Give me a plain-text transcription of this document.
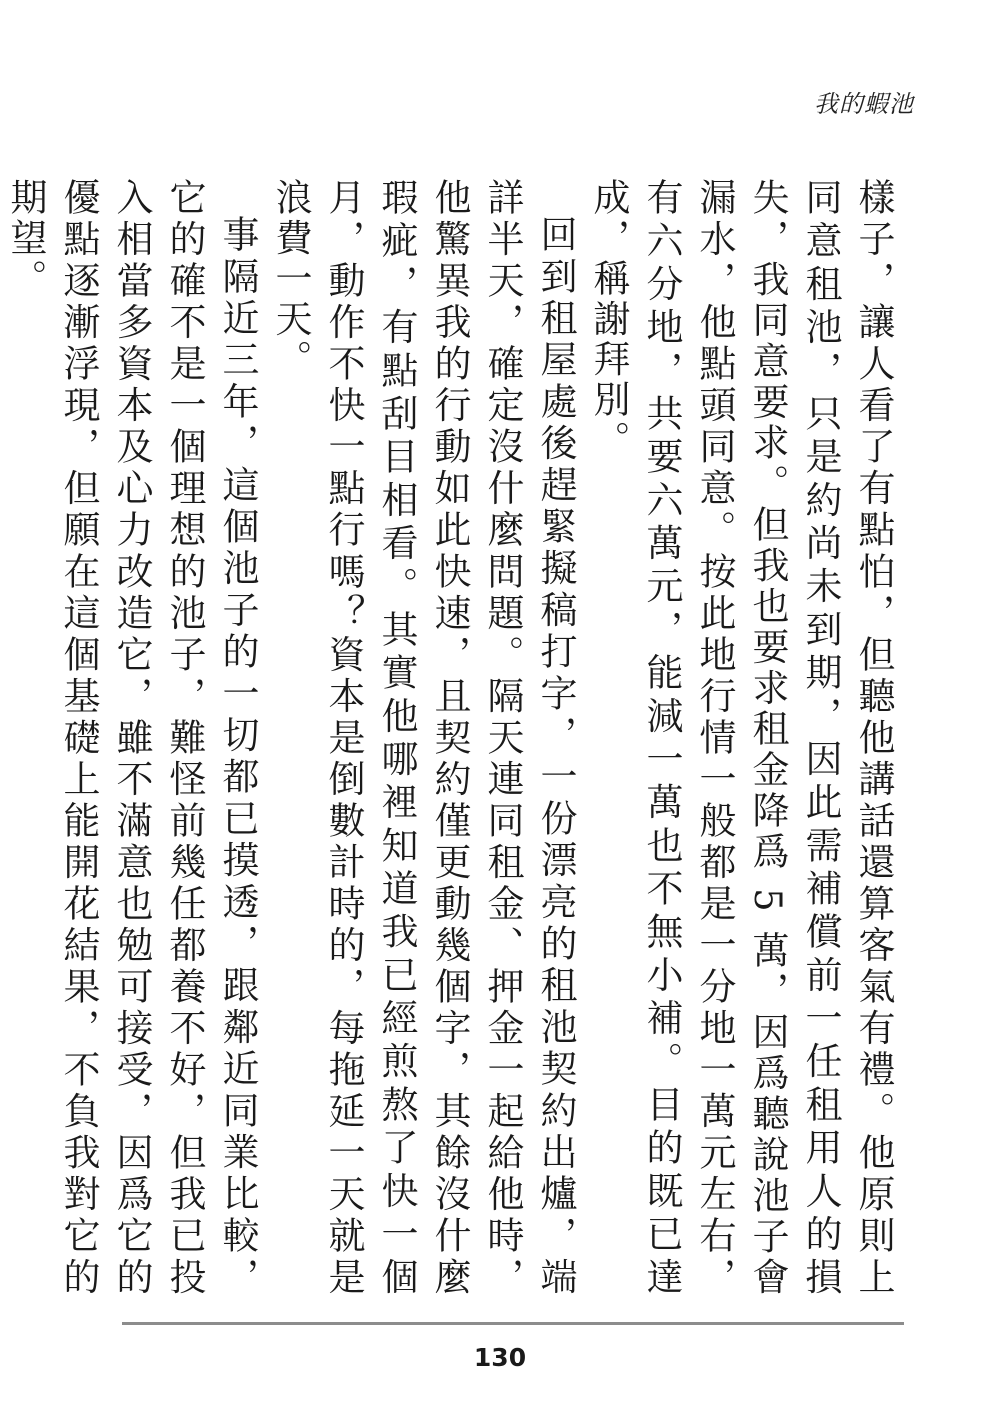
我的蝦池

樣子，讓人看了有點怕，但聽他講話還算客氣有禮。他原則上同意租池，只是約尚未到期，因此需補償前一任租用人的損失，我同意要求。但我也要求租金降爲 5 萬，因爲聽說池子會漏水，他點頭同意。按此地行情一般都是一分地一萬元左右，有六分地，共要六萬元，能減一萬也不無小補。目的既已達成，稱謝拜別。

回到租屋處後趕緊擬稿打字，一份漂亮的租池契約出爐，端詳半天，確定沒什麼問題。隔天連同租金、押金一起給他時，他驚異我的行動如此快速，且契約僅更動幾個字，其餘沒什麼瑕疵，有點刮目相看。其實他哪裡知道我已經煎熬了快一個月，動作不快一點行嗎？資本是倒數計時的，每拖延一天就是浪費一天。

事隔近三年，這個池子的一切都已摸透，跟鄰近同業比較，它的確不是一個理想的池子，難怪前幾任都養不好，但我已投入相當多資本及心力改造它，雖不滿意也勉可接受，因爲它的優點逐漸浮現，但願在這個基礎上能開花結果，不負我對它的期望。

130
